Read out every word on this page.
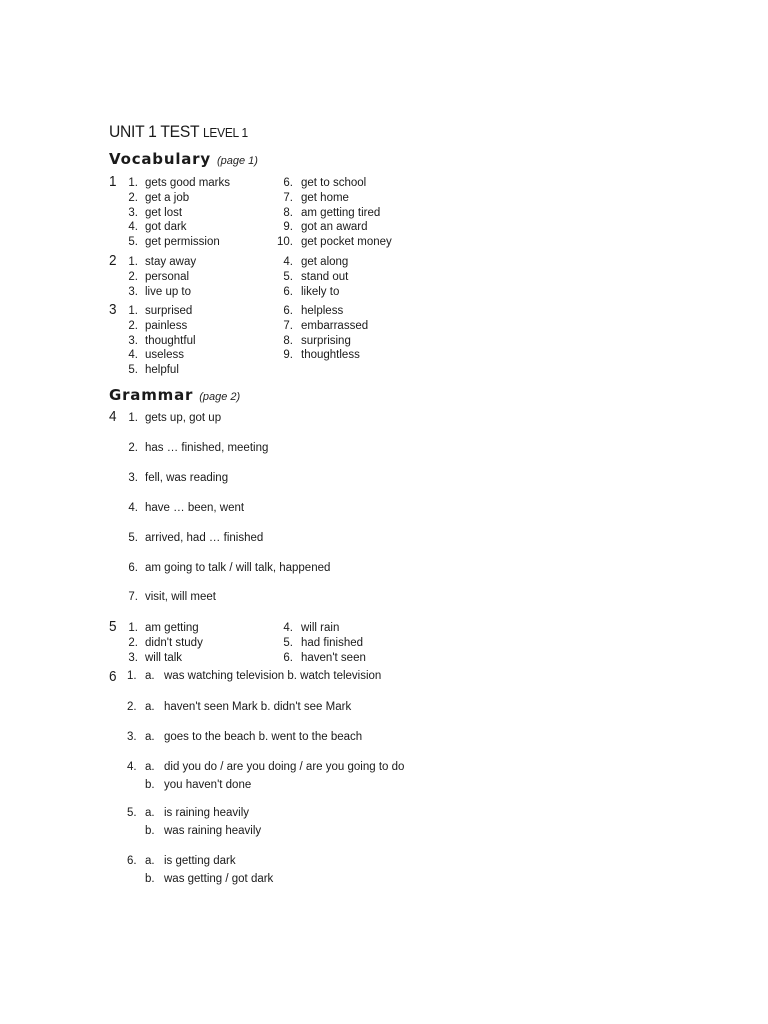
UNIT 1 TEST LEVEL 1
Vocabulary (page 1)
1	1. gets good marks
2. get a job
3. get lost
4. got dark
5. get permission
6. get to school
7. get home
8. am getting tired
9. got an award
10. get pocket money
2	1. stay away
2. personal
3. live up to
4. get along
5. stand out
6. likely to
3	1. surprised
2. painless
3. thoughtful
4. useless
5. helpful
6. helpless
7. embarrassed
8. surprising
9. thoughtless
Grammar (page 2)
4	1. gets up, got up
2. has … finished, meeting
3. fell, was reading
4. have … been, went
5. arrived, had … finished
6. am going to talk / will talk, happened
7. visit, will meet
5	1. am getting
2. didn't study
3. will talk
4. will rain
5. had finished
6. haven't seen
6 1. a. was watching television b. watch television
2. a. haven't seen Mark b. didn't see Mark
3. a. goes to the beach b. went to the beach
4. a. did you do / are you doing / are you going to do
b. you haven't done
5. a. is raining heavily
b. was raining heavily
6. a. is getting dark
b. was getting / got dark
